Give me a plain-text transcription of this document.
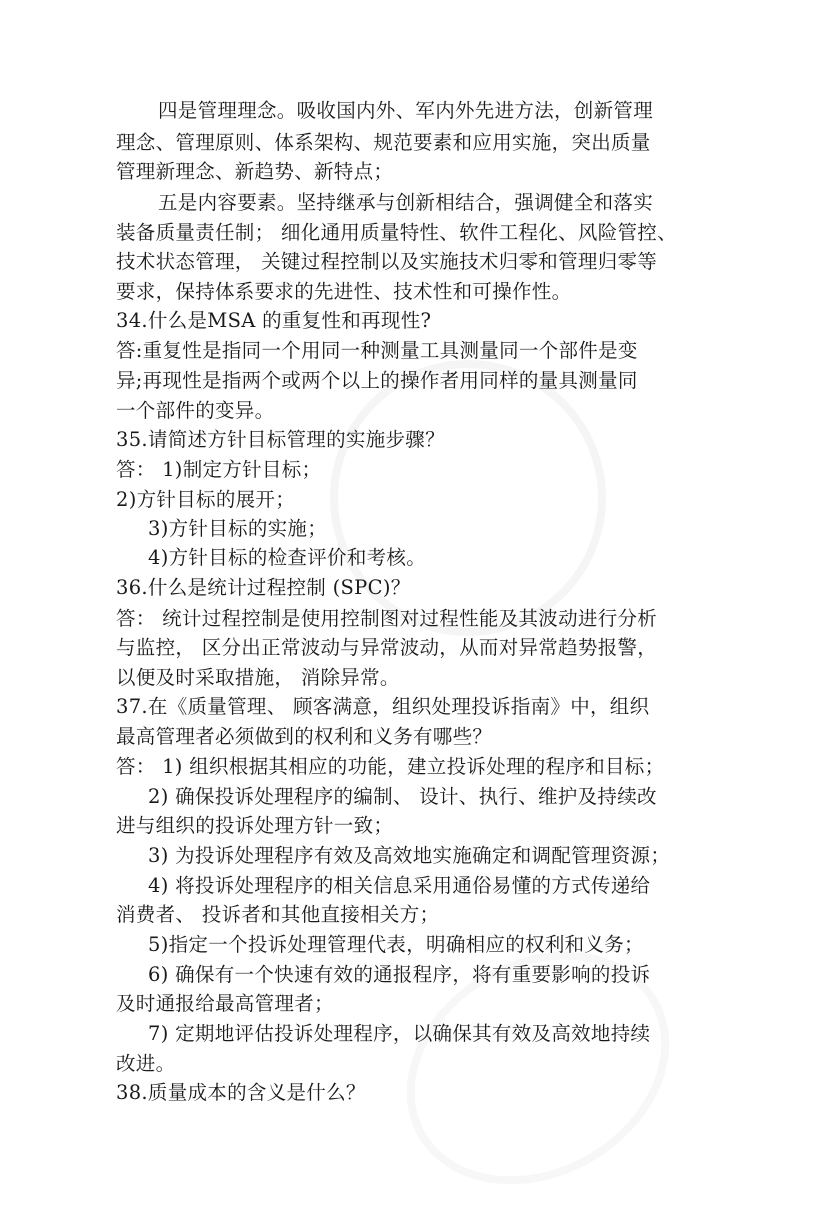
四是管理理念。吸收国内外、军内外先进方法，创新管理
理念、管理原则、体系架构、规范要素和应用实施，突出质量
管理新理念、新趋势、新特点；
五是内容要素。坚持继承与创新相结合，强调健全和落实
装备质量责任制； 细化通用质量特性、软件工程化、风险管控、
技术状态管理， 关键过程控制以及实施技术归零和管理归零等
要求，保持体系要求的先进性、技术性和可操作性。
34.什么是MSA 的重复性和再现性?
答:重复性是指同一个用同一种测量工具测量同一个部件是变
异;再现性是指两个或两个以上的操作者用同样的量具测量同
一个部件的变异。
35.请简述方针目标管理的实施步骤？
答： 1)制定方针目标；
2)方针目标的展开；
3)方针目标的实施；
4)方针目标的检查评价和考核。
36.什么是统计过程控制 (SPC)？
答： 统计过程控制是使用控制图对过程性能及其波动进行分析
与监控， 区分出正常波动与异常波动，从而对异常趋势报警，
以便及时采取措施， 消除异常。
37.在《质量管理、 顾客满意，组织处理投诉指南》中，组织
最高管理者必须做到的权利和义务有哪些？
答： 1) 组织根据其相应的功能，建立投诉处理的程序和目标；
2) 确保投诉处理程序的编制、 设计、执行、维护及持续改
进与组织的投诉处理方针一致；
3) 为投诉处理程序有效及高效地实施确定和调配管理资源；
4) 将投诉处理程序的相关信息采用通俗易懂的方式传递给
消费者、 投诉者和其他直接相关方；
5)指定一个投诉处理管理代表，明确相应的权利和义务；
6) 确保有一个快速有效的通报程序，将有重要影响的投诉
及时通报给最高管理者；
7) 定期地评估投诉处理程序，以确保其有效及高效地持续
改进。
38.质量成本的含义是什么？
